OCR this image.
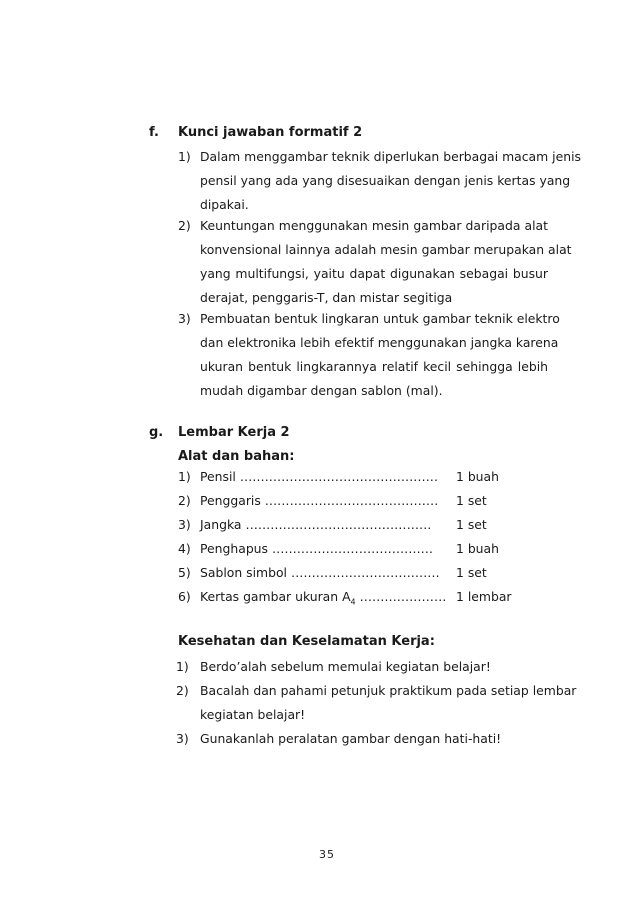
f. Kunci jawaban formatif 2
1) Dalam menggambar teknik diperlukan berbagai macam jenis
pensil yang ada yang disesuaikan dengan jenis kertas yang
dipakai.
2) Keuntungan menggunakan mesin gambar daripada alat
konvensional lainnya adalah mesin gambar merupakan alat
yang multifungsi, yaitu dapat digunakan sebagai busur
derajat, penggaris-T, dan mistar segitiga
3) Pembuatan bentuk lingkaran untuk gambar teknik elektro
dan elektronika lebih efektif menggunakan jangka karena
ukuran bentuk lingkarannya relatif kecil sehingga lebih
mudah digambar dengan sablon (mal).
g. Lembar Kerja 2
Alat dan bahan:
1) Pensil ………………………………………… 1 buah
2) Penggaris …………………………………… 1 set
3) Jangka ……………………………………… 1 set
4) Penghapus ………………………………… 1 buah
5) Sablon simbol ……………………………… 1 set
6) Kertas gambar ukuran $A_4$ ………………… 1 lembar
Kesehatan dan Keselamatan Kerja:
1) Berdo’alah sebelum memulai kegiatan belajar!
2) Bacalah dan pahami petunjuk praktikum pada setiap lembar
kegiatan belajar!
3) Gunakanlah peralatan gambar dengan hati-hati!
35
